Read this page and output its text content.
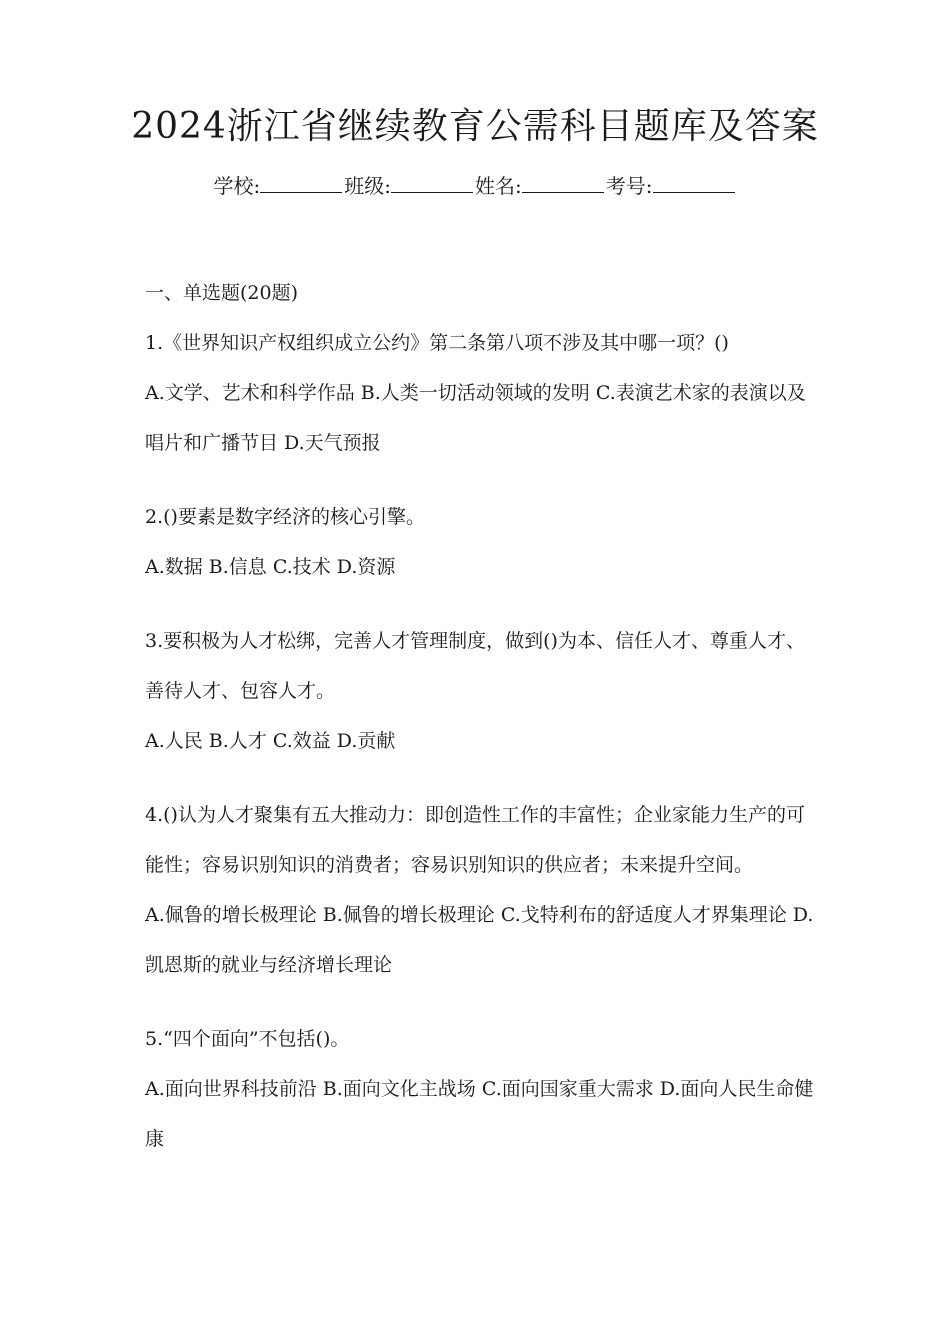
2024浙江省继续教育公需科目题库及答案
学校:	班级:	姓名:	考号:

一、单选题(20题)

1.《世界知识产权组织成立公约》第二条第八项不涉及其中哪一项？()

A.文学、艺术和科学作品 B.人类一切活动领域的发明 C.表演艺术家的表演以及唱片和广播节目 D.天气预报

2.()要素是数字经济的核心引擎。

A.数据 B.信息 C.技术 D.资源

3.要积极为人才松绑，完善人才管理制度，做到()为本、信任人才、尊重人才、善待人才、包容人才。

A.人民 B.人才 C.效益 D.贡献

4.()认为人才聚集有五大推动力：即创造性工作的丰富性；企业家能力生产的可能性；容易识别知识的消费者；容易识别知识的供应者；未来提升空间。

A.佩鲁的增长极理论 B.佩鲁的增长极理论 C.戈特利布的舒适度人才界集理论 D.凯恩斯的就业与经济增长理论

5.“四个面向”不包括()。

A.面向世界科技前沿 B.面向文化主战场 C.面向国家重大需求 D.面向人民生命健康
